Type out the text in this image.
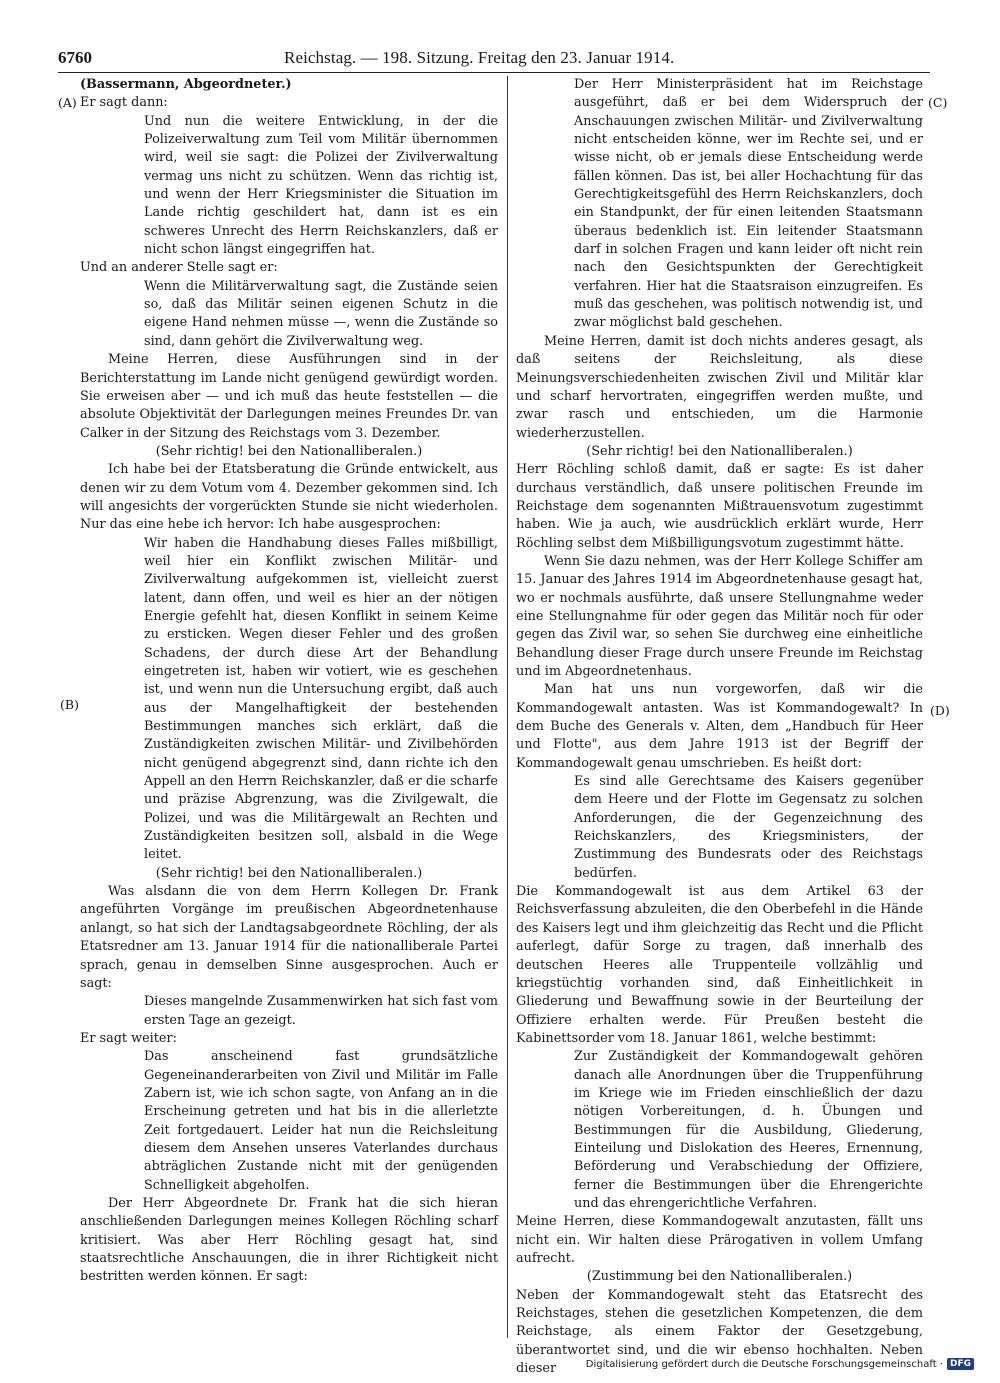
6760	Reichstag. — 198. Sitzung. Freitag den 23. Januar 1914.
(A)
(B)
(C)
(D)

(Bassermann, Abgeordneter.)

Er sagt dann:

Und nun die weitere Entwicklung, in der die Polizeiverwaltung zum Teil vom Militär übernommen wird, weil sie sagt: die Polizei der Zivilverwaltung vermag uns nicht zu schützen. Wenn das richtig ist, und wenn der Herr Kriegsminister die Situation im Lande richtig geschildert hat, dann ist es ein schweres Unrecht des Herrn Reichskanzlers, daß er nicht schon längst eingegriffen hat.

Und an anderer Stelle sagt er:

Wenn die Militärverwaltung sagt, die Zustände seien so, daß das Militär seinen eigenen Schutz in die eigene Hand nehmen müsse —, wenn die Zustände so sind, dann gehört die Zivilverwaltung weg.

Meine Herren, diese Ausführungen sind in der Berichterstattung im Lande nicht genügend gewürdigt worden. Sie erweisen aber — und ich muß das heute feststellen — die absolute Objektivität der Darlegungen meines Freundes Dr. van Calker in der Sitzung des Reichstags vom 3. Dezember.

(Sehr richtig! bei den Nationalliberalen.)

Ich habe bei der Etatsberatung die Gründe entwickelt, aus denen wir zu dem Votum vom 4. Dezember gekommen sind. Ich will angesichts der vorgerückten Stunde sie nicht wiederholen. Nur das eine hebe ich hervor: Ich habe ausgesprochen:

Wir haben die Handhabung dieses Falles mißbilligt, weil hier ein Konflikt zwischen Militär- und Zivilverwaltung aufgekommen ist, vielleicht zuerst latent, dann offen, und weil es hier an der nötigen Energie gefehlt hat, diesen Konflikt in seinem Keime zu ersticken. Wegen dieser Fehler und des großen Schadens, der durch diese Art der Behandlung eingetreten ist, haben wir votiert, wie es geschehen ist, und wenn nun die Untersuchung ergibt, daß auch aus der Mangelhaftigkeit der bestehenden Bestimmungen manches sich erklärt, daß die Zuständigkeiten zwischen Militär- und Zivilbehörden nicht genügend abgegrenzt sind, dann richte ich den Appell an den Herrn Reichskanzler, daß er die scharfe und präzise Abgrenzung, was die Zivilgewalt, die Polizei, und was die Militärgewalt an Rechten und Zuständigkeiten besitzen soll, alsbald in die Wege leitet.

(Sehr richtig! bei den Nationalliberalen.)

Was alsdann die von dem Herrn Kollegen Dr. Frank angeführten Vorgänge im preußischen Abgeordnetenhause anlangt, so hat sich der Landtagsabgeordnete Röchling, der als Etatsredner am 13. Januar 1914 für die nationalliberale Partei sprach, genau in demselben Sinne ausgesprochen. Auch er sagt:

Dieses mangelnde Zusammenwirken hat sich fast vom ersten Tage an gezeigt.

Er sagt weiter:

Das anscheinend fast grundsätzliche Gegeneinanderarbeiten von Zivil und Militär im Falle Zabern ist, wie ich schon sagte, von Anfang an in die Erscheinung getreten und hat bis in die allerletzte Zeit fortgedauert. Leider hat nun die Reichsleitung diesem dem Ansehen unseres Vaterlandes durchaus abträglichen Zustande nicht mit der genügenden Schnelligkeit abgeholfen.

Der Herr Abgeordnete Dr. Frank hat die sich hieran anschließenden Darlegungen meines Kollegen Röchling scharf kritisiert. Was aber Herr Röchling gesagt hat, sind staatsrechtliche Anschauungen, die in ihrer Richtigkeit nicht bestritten werden können. Er sagt:

Der Herr Ministerpräsident hat im Reichstage ausgeführt, daß er bei dem Widerspruch der Anschauungen zwischen Militär- und Zivilverwaltung nicht entscheiden könne, wer im Rechte sei, und er wisse nicht, ob er jemals diese Entscheidung werde fällen können. Das ist, bei aller Hochachtung für das Gerechtigkeitsgefühl des Herrn Reichskanzlers, doch ein Standpunkt, der für einen leitenden Staatsmann überaus bedenklich ist. Ein leitender Staatsmann darf in solchen Fragen und kann leider oft nicht rein nach den Gesichtspunkten der Gerechtigkeit verfahren. Hier hat die Staatsraison einzugreifen. Es muß das geschehen, was politisch notwendig ist, und zwar möglichst bald geschehen.

Meine Herren, damit ist doch nichts anderes gesagt, als daß seitens der Reichsleitung, als diese Meinungsverschiedenheiten zwischen Zivil und Militär klar und scharf hervortraten, eingegriffen werden mußte, und zwar rasch und entschieden, um die Harmonie wiederherzustellen.

(Sehr richtig! bei den Nationalliberalen.)

Herr Röchling schloß damit, daß er sagte: Es ist daher durchaus verständlich, daß unsere politischen Freunde im Reichstage dem sogenannten Mißtrauensvotum zugestimmt haben. Wie ja auch, wie ausdrücklich erklärt wurde, Herr Röchling selbst dem Mißbilligungsvotum zugestimmt hätte.

Wenn Sie dazu nehmen, was der Herr Kollege Schiffer am 15. Januar des Jahres 1914 im Abgeordnetenhause gesagt hat, wo er nochmals ausführte, daß unsere Stellungnahme weder eine Stellungnahme für oder gegen das Militär noch für oder gegen das Zivil war, so sehen Sie durchweg eine einheitliche Behandlung dieser Frage durch unsere Freunde im Reichstag und im Abgeordnetenhaus.

Man hat uns nun vorgeworfen, daß wir die Kommandogewalt antasten. Was ist Kommandogewalt? In dem Buche des Generals v. Alten, dem „Handbuch für Heer und Flotte", aus dem Jahre 1913 ist der Begriff der Kommandogewalt genau umschrieben. Es heißt dort:

Es sind alle Gerechtsame des Kaisers gegenüber dem Heere und der Flotte im Gegensatz zu solchen Anforderungen, die der Gegenzeichnung des Reichskanzlers, des Kriegsministers, der Zustimmung des Bundesrats oder des Reichstags bedürfen.

Die Kommandogewalt ist aus dem Artikel 63 der Reichsverfassung abzuleiten, die den Oberbefehl in die Hände des Kaisers legt und ihm gleichzeitig das Recht und die Pflicht auferlegt, dafür Sorge zu tragen, daß innerhalb des deutschen Heeres alle Truppenteile vollzählig und kriegstüchtig vorhanden sind, daß Einheitlichkeit in Gliederung und Bewaffnung sowie in der Beurteilung der Offiziere erhalten werde. Für Preußen besteht die Kabinettsorder vom 18. Januar 1861, welche bestimmt:

Zur Zuständigkeit der Kommandogewalt gehören danach alle Anordnungen über die Truppenführung im Kriege wie im Frieden einschließlich der dazu nötigen Vorbereitungen, d. h. Übungen und Bestimmungen für die Ausbildung, Gliederung, Einteilung und Dislokation des Heeres, Ernennung, Beförderung und Verabschiedung der Offiziere, ferner die Bestimmungen über die Ehrengerichte und das ehrengerichtliche Verfahren.

Meine Herren, diese Kommandogewalt anzutasten, fällt uns nicht ein. Wir halten diese Prärogativen in vollem Umfang aufrecht.

(Zustimmung bei den Nationalliberalen.)

Neben der Kommandogewalt steht das Etatsrecht des Reichstages, stehen die gesetzlichen Kompetenzen, die dem Reichstage, als einem Faktor der Gesetzgebung, überantwortet sind, und die wir ebenso hochhalten. Neben dieser	Digitalisierung gefördert durch die Deutsche Forschungsgemeinschaft · DFG
